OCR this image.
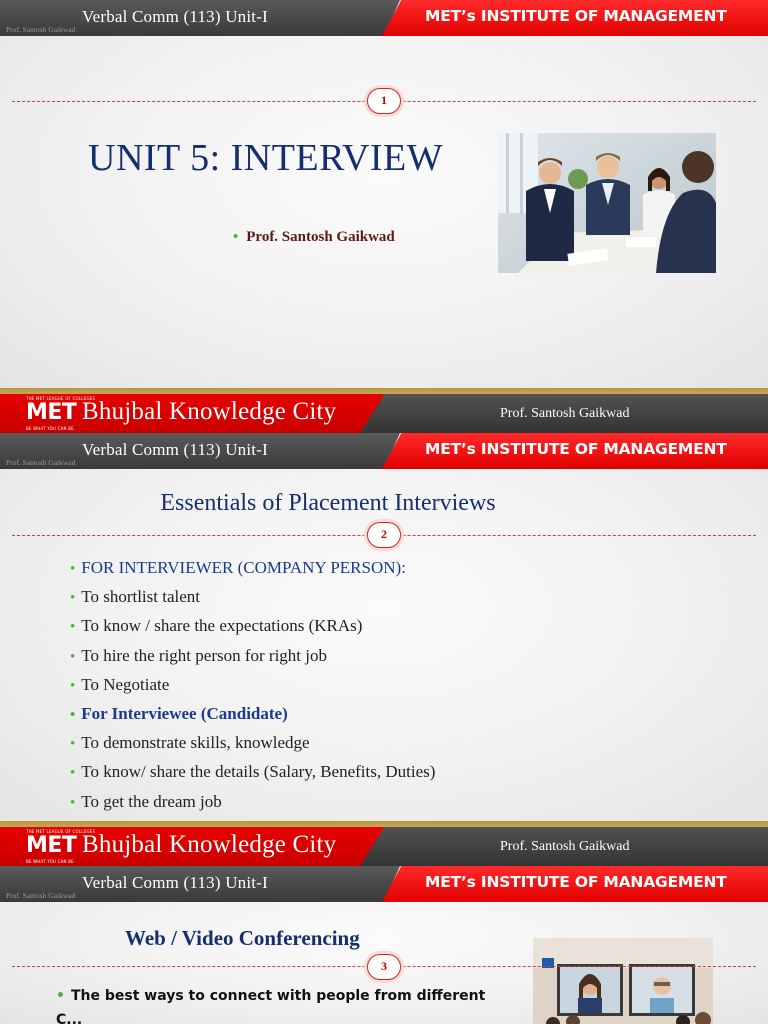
Verbal Comm (113) Unit-I	MET’s INSTITUTE OF MANAGEMENT
Prof. Santosh Gaikwad
1
UNIT 5: INTERVIEW
• Prof. Santosh Gaikwad
THE MET LEAGUE OF COLLEGES
MET
BE WHAT YOU CAN BE
Bhujbal Knowledge City	Prof. Santosh Gaikwad
Verbal Comm (113) Unit-I	MET’s INSTITUTE OF MANAGEMENT
Prof. Santosh Gaikwad
Essentials of Placement Interviews
2
• FOR INTERVIEWER (COMPANY PERSON):
• To shortlist talent
• To know / share the expectations (KRAs)
• To hire the right person for right job
• To Negotiate
• For Interviewee (Candidate)
• To demonstrate skills, knowledge
• To know/ share the details (Salary, Benefits, Duties)
• To get the dream job
THE MET LEAGUE OF COLLEGES
MET
BE WHAT YOU CAN BE
Bhujbal Knowledge City	Prof. Santosh Gaikwad
Verbal Comm (113) Unit-I	MET’s INSTITUTE OF MANAGEMENT
Prof. Santosh Gaikwad
Web / Video Conferencing
3
• The best ways to connect with people from different
C...
